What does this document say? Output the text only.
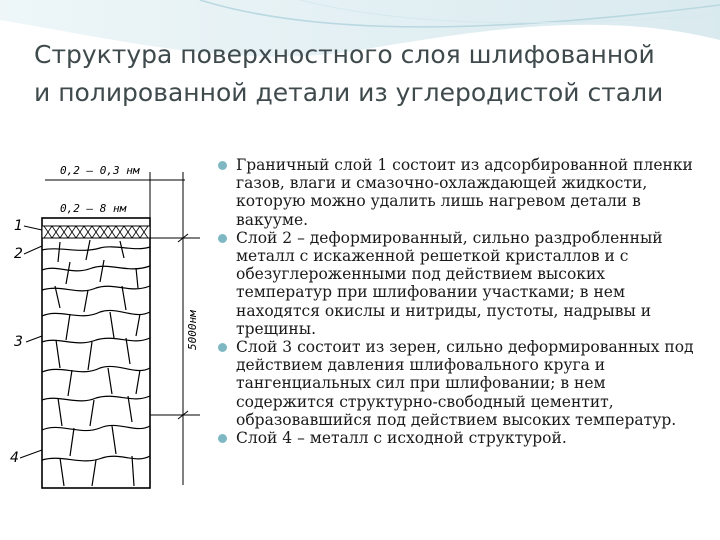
Структура поверхностного слоя шлифованной и полированной детали из углеродистой стали
0,2 – 0,3 нм
0,2 – 8 нм
5000нм
1
2
3
4
Граничный слой 1 состоит из адсорбированной пленки газов, влаги и смазочно-охлаждающей жидкости, которую можно удалить лишь нагревом детали в вакууме.
Слой 2 – деформированный, сильно раздробленный металл с искаженной решеткой кристаллов и с обезуглероженными под действием высоких температур при шлифовании участками; в нем находятся окислы и нитриды, пустоты, надрывы и трещины.
Слой 3 состоит из зерен, сильно деформированных под действием давления шлифовального круга и тангенциальных сил при шлифовании; в нем содержится структурно-свободный цементит, образовавшийся под действием высоких температур.
Слой 4 – металл с исходной структурой.
